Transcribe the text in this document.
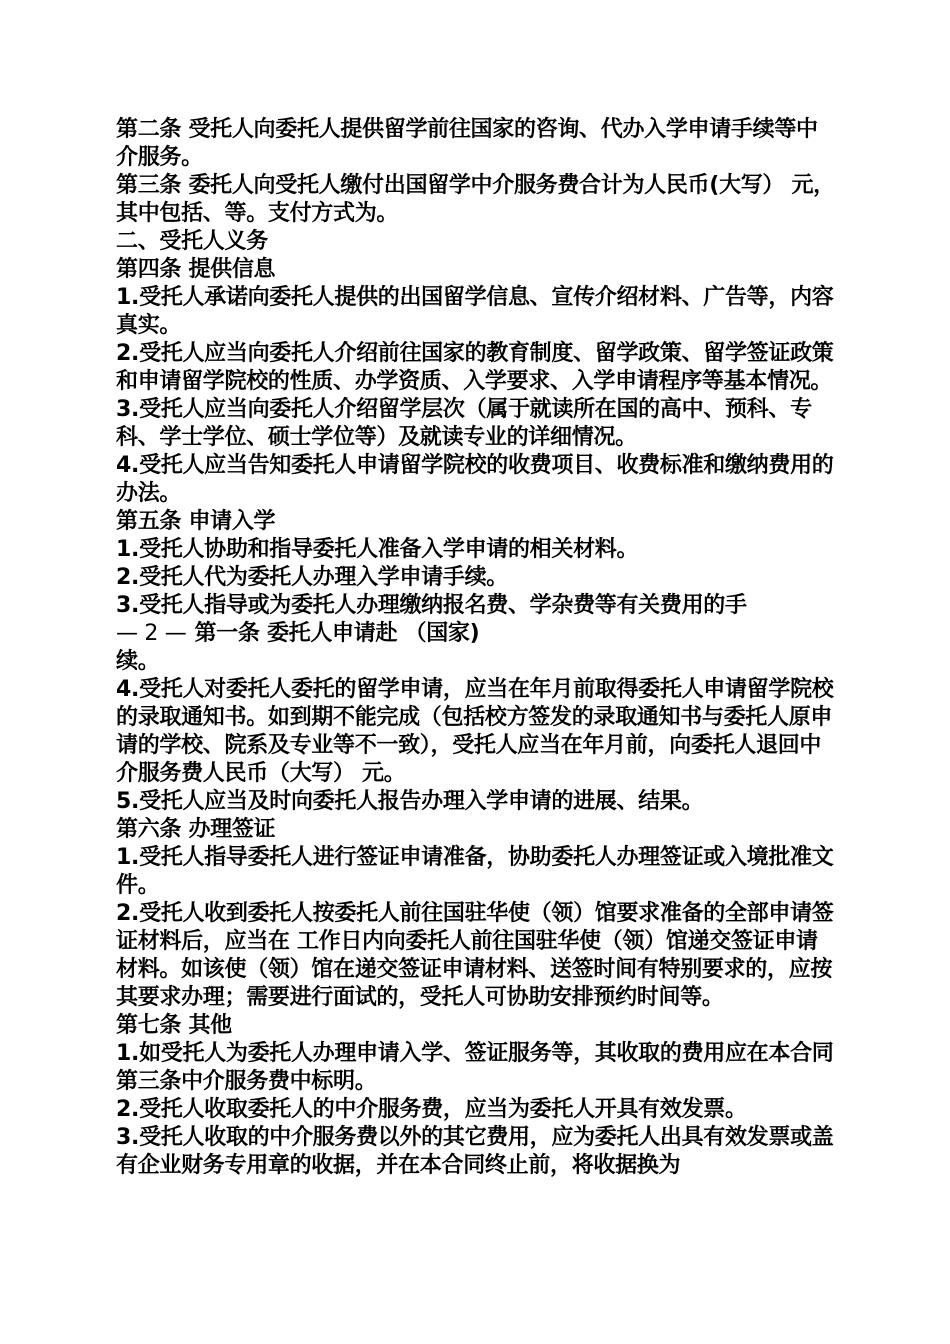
第二条 受托人向委托人提供留学前往国家的咨询、代办入学申请手续等中介服务。

第三条 委托人向受托人缴付出国留学中介服务费合计为人民币(大写） 元，其中包括、等。支付方式为。

二、受托人义务

第四条 提供信息

1.受托人承诺向委托人提供的出国留学信息、宣传介绍材料、广告等，内容真实。

2.受托人应当向委托人介绍前往国家的教育制度、留学政策、留学签证政策和申请留学院校的性质、办学资质、入学要求、入学申请程序等基本情况。

3.受托人应当向委托人介绍留学层次（属于就读所在国的高中、预科、专科、学士学位、硕士学位等）及就读专业的详细情况。

4.受托人应当告知委托人申请留学院校的收费项目、收费标准和缴纳费用的办法。

第五条 申请入学

1.受托人协助和指导委托人准备入学申请的相关材料。

2.受托人代为委托人办理入学申请手续。

3.受托人指导或为委托人办理缴纳报名费、学杂费等有关费用的手

— 2 — 第一条 委托人申请赴 （国家)

续。

4.受托人对委托人委托的留学申请，应当在年月前取得委托人申请留学院校的录取通知书。如到期不能完成（包括校方签发的录取通知书与委托人原申请的学校、院系及专业等不一致），受托人应当在年月前，向委托人退回中介服务费人民币（大写） 元。

5.受托人应当及时向委托人报告办理入学申请的进展、结果。

第六条 办理签证

1.受托人指导委托人进行签证申请准备，协助委托人办理签证或入境批准文件。

2.受托人收到委托人按委托人前往国驻华使（领）馆要求准备的全部申请签证材料后，应当在 工作日内向委托人前往国驻华使（领）馆递交签证申请材料。如该使（领）馆在递交签证申请材料、送签时间有特别要求的，应按其要求办理；需要进行面试的，受托人可协助安排预约时间等。

第七条 其他

1.如受托人为委托人办理申请入学、签证服务等，其收取的费用应在本合同第三条中介服务费中标明。

2.受托人收取委托人的中介服务费，应当为委托人开具有效发票。

3.受托人收取的中介服务费以外的其它费用，应为委托人出具有效发票或盖有企业财务专用章的收据，并在本合同终止前，将收据换为
